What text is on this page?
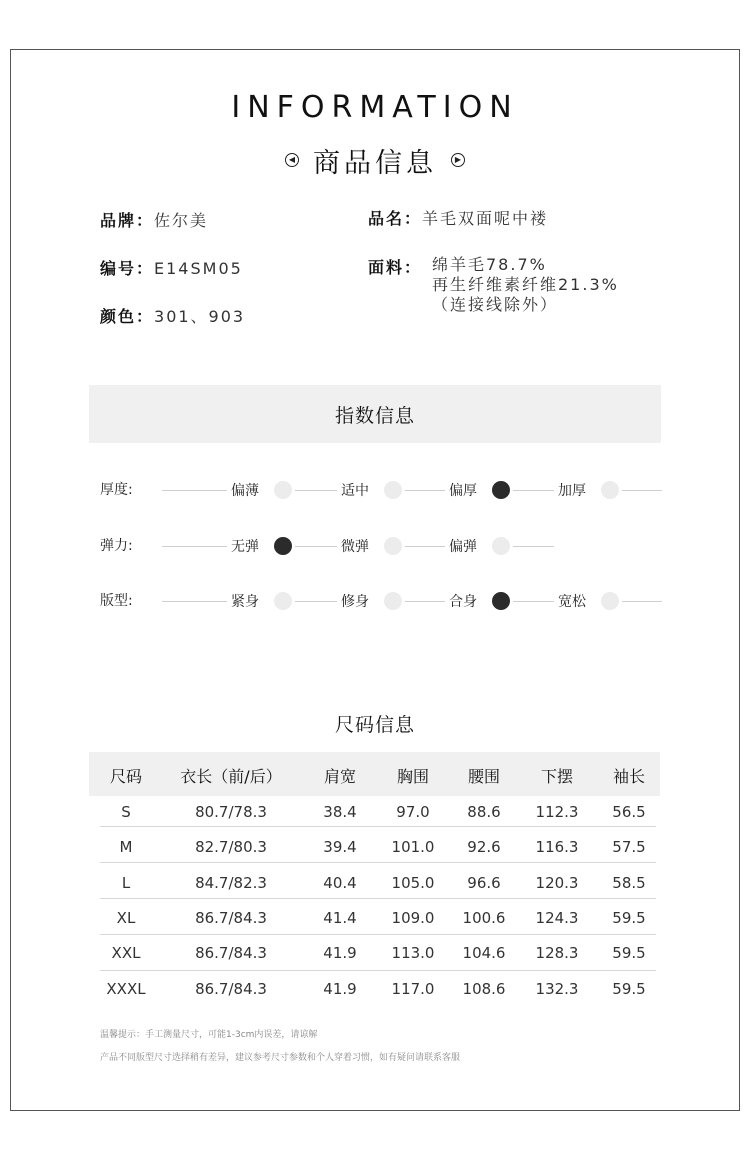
INFORMATION
◀ 商品信息	▶
品牌：佐尔美	品名：羊毛双面呢中褛
编号：E14SM05	面料： 绵羊毛78.7%
再生纤维素纤维21.3%
（连接线除外）
颜色：301、903
指数信息
厚度:	偏薄	适中	偏厚	加厚
弹力:	无弹	微弹	偏弹
版型:	紧身	修身	合身	宽松
尺码信息
尺码 衣长（前/后）	肩宽	胸围 腰围	下摆 袖长
S	80.7/78.3	38.4	97.0	88.6 112.3 56.5
M	82.7/80.3	39.4 101.0 92.6 116.3 57.5
L	84.7/82.3	40.4 105.0 96.6 120.3 58.5
XL	86.7/84.3	41.4 109.0 100.6 124.3 59.5
XXL	86.7/84.3	41.9 113.0 104.6 128.3 59.5
XXXL	86.7/84.3	41.9 117.0 108.6 132.3 59.5
温馨提示：手工测量尺寸，可能1-3cm内误差，请谅解
产品不同版型尺寸选择稍有差异，建议参考尺寸参数和个人穿着习惯，如有疑问请联系客服
